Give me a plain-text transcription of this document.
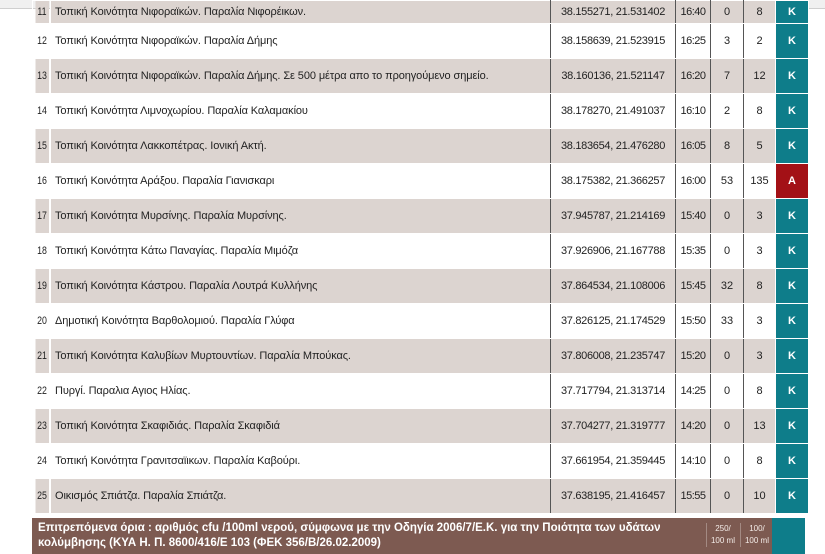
11	Τοπική Κοινότητα Νιφοραϊκών. Παραλία Νιφορέικων.	38.155271, 21.531402	16:40	0	8	Κ
12	Τοπική Κοινότητα Νιφοραϊκών. Παραλία Δήμης	38.158639, 21.523915	16:25	3	2	Κ
13	Τοπική Κοινότητα Νιφοραϊκών. Παραλία Δήμης. Σε 500 μέτρα απο το προηγούμενο σημείο.	38.160136, 21.521147	16:20	7	12	Κ
14	Τοπική Κοινότητα Λιμνοχωρίου. Παραλία Καλαμακίου	38.178270, 21.491037	16:10	2	8	Κ
15	Τοπική Κοινότητα Λακκοπέτρας. Ιονική Ακτή.	38.183654, 21.476280	16:05	8	5	Κ
16	Τοπική Κοινότητα Αράξου. Παραλία Γιανισκαρι	38.175382, 21.366257	16:00	53	135	Α
17	Τοπική Κοινότητα Μυρσίνης. Παραλία Μυρσίνης.	37.945787, 21.214169	15:40	0	3	Κ
18	Τοπική Κοινότητα Κάτω Παναγίας. Παραλία Μιμόζα	37.926906, 21.167788	15:35	0	3	Κ
19	Τοπική Κοινότητα Κάστρου. Παραλία Λουτρά Κυλλήνης	37.864534, 21.108006	15:45	32	8	Κ
20	Δημοτική Κοινότητα Βαρθολομιού. Παραλία Γλύφα	37.826125, 21.174529	15:50	33	3	Κ
21	Τοπική Κοινότητα Καλυβίων Μυρτουντίων. Παραλία Μπούκας.	37.806008, 21.235747	15:20	0	3	Κ
22	Πυργί. Παραλια Αγιος Ηλίας.	37.717794, 21.313714	14:25	0	8	Κ
23	Τοπική Κοινότητα Σκαφιδιάς. Παραλία Σκαφιδιά	37.704277, 21.319777	14:20	0	13	Κ
24	Τοπική Κοινότητα Γρανιτσαϊικων. Παραλία Καβούρι.	37.661954, 21.359445	14:10	0	8	Κ
25	Οικισμός Σπιάτζα. Παραλία Σπιάτζα.	37.638195, 21.416457	15:55	0	10	Κ
Επιτρεπόμενα όρια : αριθμός cfu /100ml νερού, σύμφωνα με την Οδηγία 2006/7/Ε.Κ. για την Ποιότητα των υδάτων κολύμβησης (ΚΥΑ Η. Π. 8600/416/Ε 103 (ΦΕΚ 356/Β/26.02.2009)
250/
100 ml
100/
100 ml
